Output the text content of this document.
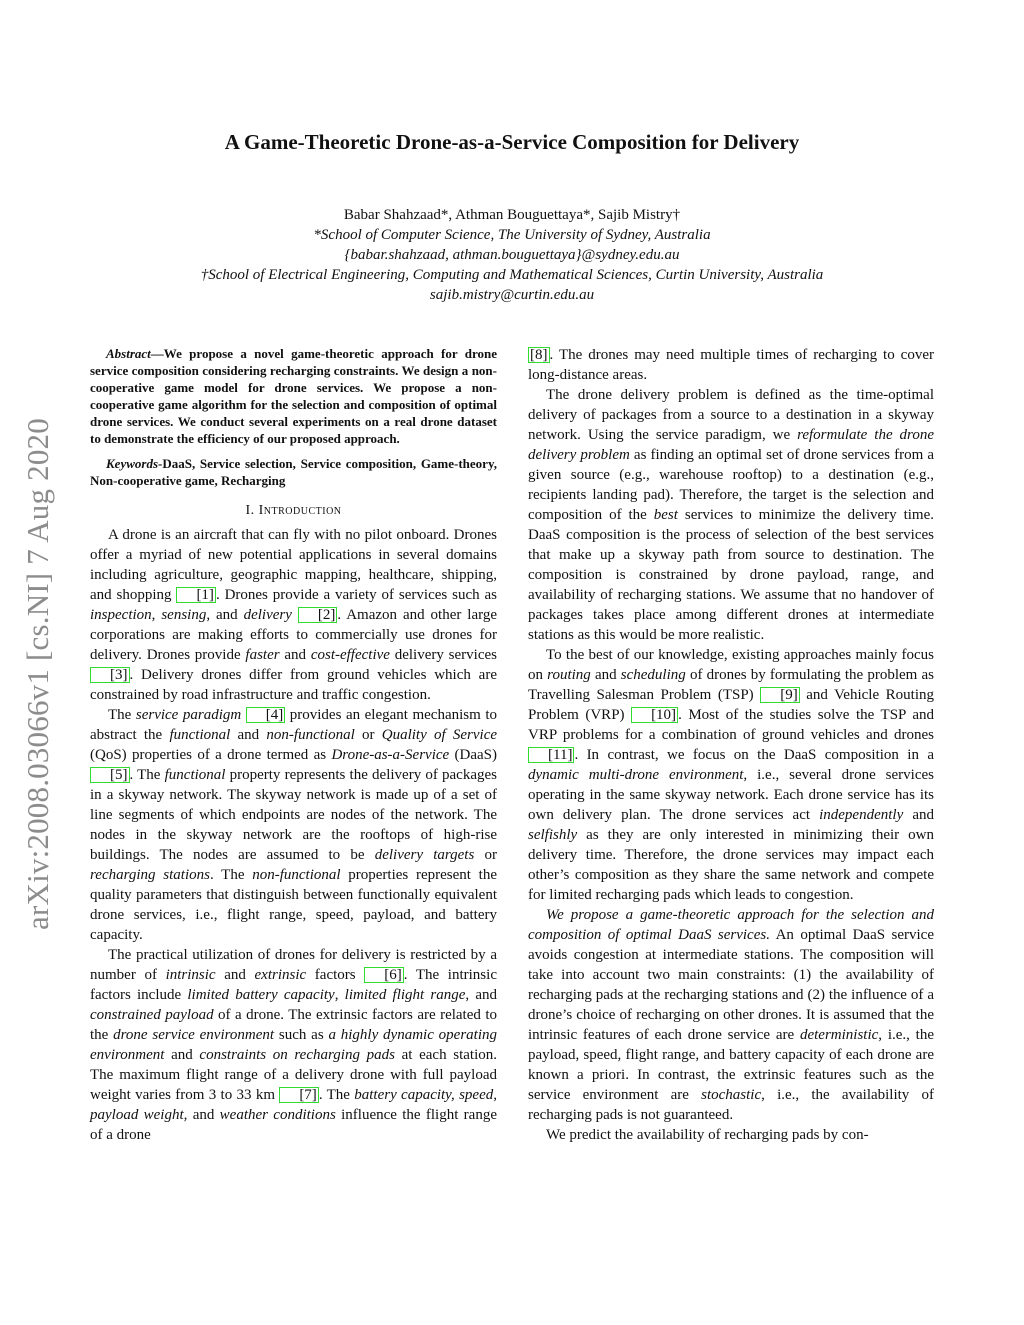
arXiv:2008.03066v1 [cs.NI] 7 Aug 2020
A Game-Theoretic Drone-as-a-Service Composition for Delivery
Babar Shahzaad*, Athman Bouguettaya*, Sajib Mistry†
*School of Computer Science, The University of Sydney, Australia
{babar.shahzaad, athman.bouguettaya}@sydney.edu.au
†School of Electrical Engineering, Computing and Mathematical Sciences, Curtin University, Australia
sajib.mistry@curtin.edu.au

Abstract—We propose a novel game-theoretic approach for drone service composition considering recharging constraints. We design a non-cooperative game model for drone services. We propose a non-cooperative game algorithm for the selection and composition of optimal drone services. We conduct several experiments on a real drone dataset to demonstrate the efficiency of our proposed approach.

Keywords-DaaS, Service selection, Service composition, Game-theory, Non-cooperative game, Recharging

I. Introduction

A drone is an aircraft that can fly with no pilot onboard. Drones offer a myriad of new potential applications in several domains including agriculture, geographic mapping, healthcare, shipping, and shopping [1] . Drones provide a variety of services such as inspection, sensing, and delivery [2] . Amazon and other large corporations are making efforts to commercially use drones for delivery. Drones provide faster and cost-effective delivery services [3] . Delivery drones differ from ground vehicles which are constrained by road infrastructure and traffic congestion.

The service paradigm [4] provides an elegant mechanism to abstract the functional and non-functional or Quality of Service (QoS) properties of a drone termed as Drone-as-a-Service (DaaS) [5] . The functional property represents the delivery of packages in a skyway network. The skyway network is made up of a set of line segments of which endpoints are nodes of the network. The nodes in the skyway network are the rooftops of high-rise buildings. The nodes are assumed to be delivery targets or recharging stations. The non-functional properties represent the quality parameters that distinguish between functionally equivalent drone services, i.e., flight range, speed, payload, and battery capacity.

The practical utilization of drones for delivery is restricted by a number of intrinsic and extrinsic factors [6] . The intrinsic factors include limited battery capacity, limited flight range, and constrained payload of a drone. The extrinsic factors are related to the drone service environment such as a highly dynamic operating environment and constraints on recharging pads at each station. The maximum flight range of a delivery drone with full payload weight varies from 3 to 33 km [7] . The battery capacity, speed, payload weight, and weather conditions influence the flight range of a drone

[8] . The drones may need multiple times of recharging to cover long-distance areas.

The drone delivery problem is defined as the time-optimal delivery of packages from a source to a destination in a skyway network. Using the service paradigm, we reformulate the drone delivery problem as finding an optimal set of drone services from a given source (e.g., warehouse rooftop) to a destination (e.g., recipients landing pad). Therefore, the target is the selection and composition of the best services to minimize the delivery time. DaaS composition is the process of selection of the best services that make up a skyway path from source to destination. The composition is constrained by drone payload, range, and availability of recharging stations. We assume that no handover of packages takes place among different drones at intermediate stations as this would be more realistic.

To the best of our knowledge, existing approaches mainly focus on routing and scheduling of drones by formulating the problem as Travelling Salesman Problem (TSP) [9] and Vehicle Routing Problem (VRP) [10] . Most of the studies solve the TSP and VRP problems for a combination of ground vehicles and drones [11] . In contrast, we focus on the DaaS composition in a dynamic multi-drone environment, i.e., several drone services operating in the same skyway network. Each drone service has its own delivery plan. The drone services act independently and selfishly as they are only interested in minimizing their own delivery time. Therefore, the drone services may impact each other’s composition as they share the same network and compete for limited recharging pads which leads to congestion.

We propose a game-theoretic approach for the selection and composition of optimal DaaS services. An optimal DaaS service avoids congestion at intermediate stations. The composition will take into account two main constraints: (1) the availability of recharging pads at the recharging stations and (2) the influence of a drone’s choice of recharging on other drones. It is assumed that the intrinsic features of each drone service are deterministic, i.e., the payload, speed, flight range, and battery capacity of each drone are known a priori. In contrast, the extrinsic features such as the service environment are stochastic, i.e., the availability of recharging pads is not guaranteed.

We predict the availability of recharging pads by con-
